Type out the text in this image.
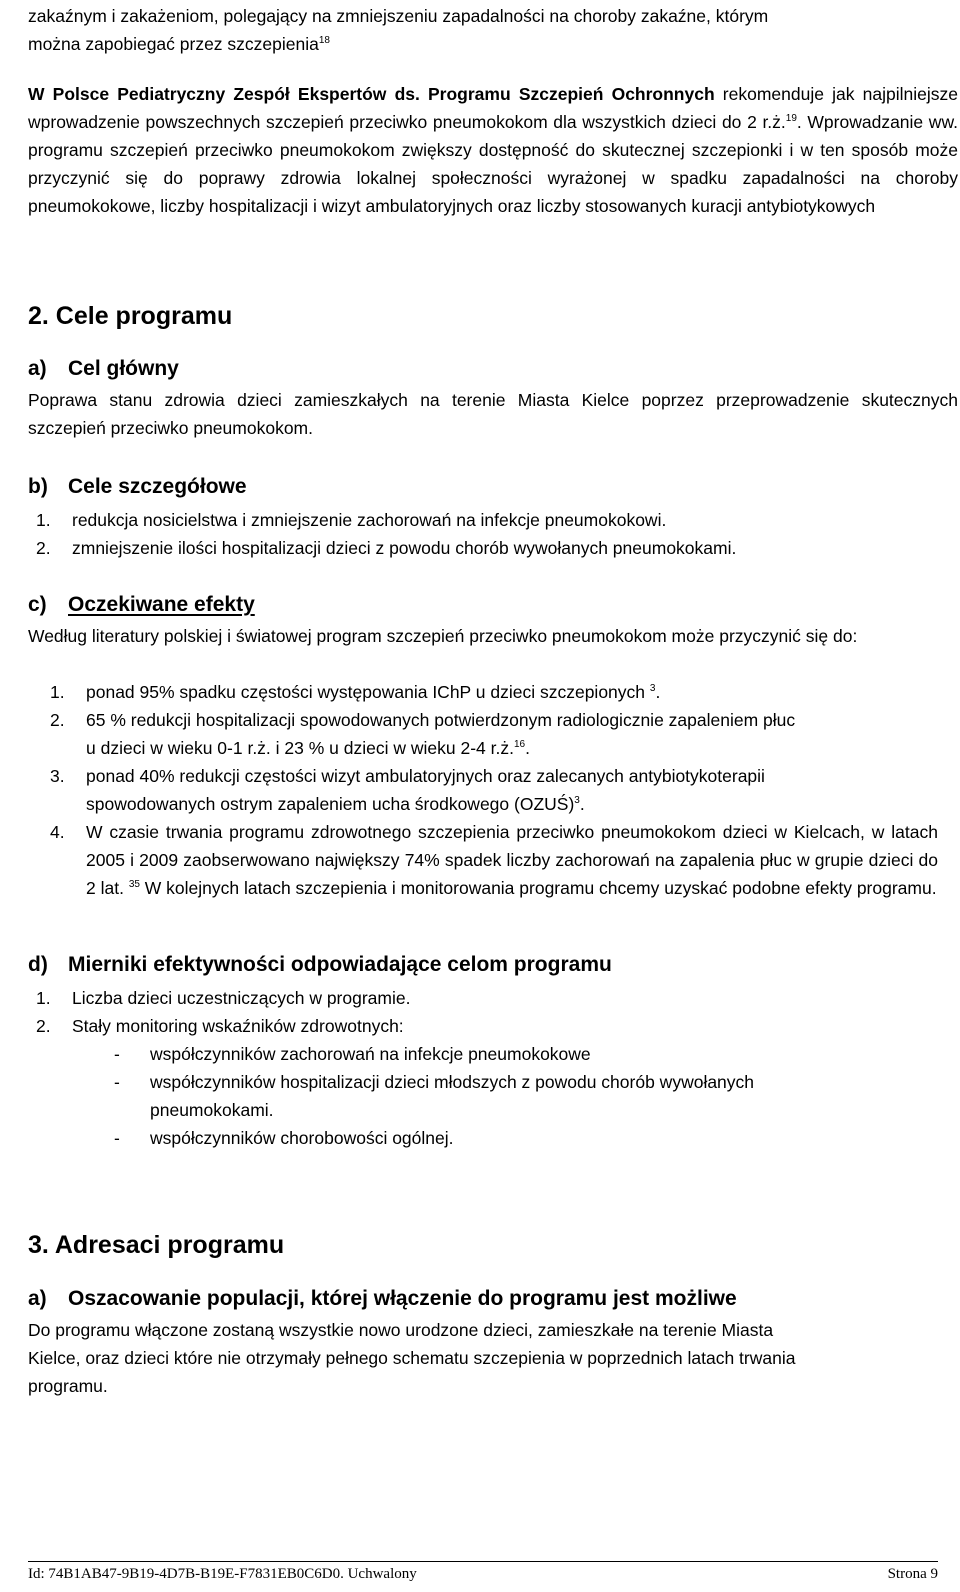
zakaźnym i zakażeniom, polegający na zmniejszeniu zapadalności na choroby zakaźne, którym

można zapobiegać przez szczepienia$^{18}$

W Polsce Pediatryczny Zespół Ekspertów ds. Programu Szczepień Ochronnych rekomenduje jak najpilniejsze wprowadzenie powszechnych szczepień przeciwko pneumokokom dla wszystkich dzieci do 2 r.ż.$^{19}$. Wprowadzanie ww. programu szczepień przeciwko pneumokokom zwiększy dostępność do skutecznej szczepionki i w ten sposób może przyczynić się do poprawy zdrowia lokalnej społeczności wyrażonej w spadku zapadalności na choroby pneumokokowe, liczby hospitalizacji i wizyt ambulatoryjnych oraz liczby stosowanych kuracji antybiotykowych

2. Cele programu
a) Cel główny

Poprawa stanu zdrowia dzieci zamieszkałych na terenie Miasta Kielce poprzez przeprowadzenie skutecznych szczepień przeciwko pneumokokom.

b) Cele szczegółowe
1. redukcja nosicielstwa i zmniejszenie zachorowań na infekcje pneumokokowi.
2. zmniejszenie ilości hospitalizacji dzieci z powodu chorób wywołanych pneumokokami.
c) Oczekiwane efekty

Według literatury polskiej i światowej program szczepień przeciwko pneumokokom może przyczynić się do:

1. ponad 95% spadku częstości występowania IChP u dzieci szczepionych $^3$.
2. 65 % redukcji hospitalizacji spowodowanych potwierdzonym radiologicznie zapaleniem płuc
u dzieci w wieku 0-1 r.ż. i 23 % u dzieci w wieku 2-4 r.ż.$^{16}$.
3. ponad 40% redukcji częstości wizyt ambulatoryjnych oraz zalecanych antybiotykoterapii
spowodowanych ostrym zapaleniem ucha środkowego (OZUŚ)$^3$.
4. W czasie trwania programu zdrowotnego szczepienia przeciwko pneumokokom dzieci w Kielcach, w latach 2005 i 2009 zaobserwowano największy 74% spadek liczby zachorowań na zapalenia płuc w grupie dzieci do 2 lat. $^{35}$ W kolejnych latach szczepienia i monitorowania programu chcemy uzyskać podobne efekty programu.
d) Mierniki efektywności odpowiadające celom programu
1. Liczba dzieci uczestniczących w programie.
2. Stały monitoring wskaźników zdrowotnych:
- współczynników zachorowań na infekcje pneumokokowe
- współczynników hospitalizacji dzieci młodszych z powodu chorób wywołanych
pneumokokami.
- współczynników chorobowości ogólnej.
3. Adresaci programu
a) Oszacowanie populacji, której włączenie do programu jest możliwe

Do programu włączone zostaną wszystkie nowo urodzone dzieci, zamieszkałe na terenie Miasta

Kielce, oraz dzieci które nie otrzymały pełnego schematu szczepienia w poprzednich latach trwania

programu.

Id: 74B1AB47-9B19-4D7B-B19E-F7831EB0C6D0. Uchwalony	Strona 9
